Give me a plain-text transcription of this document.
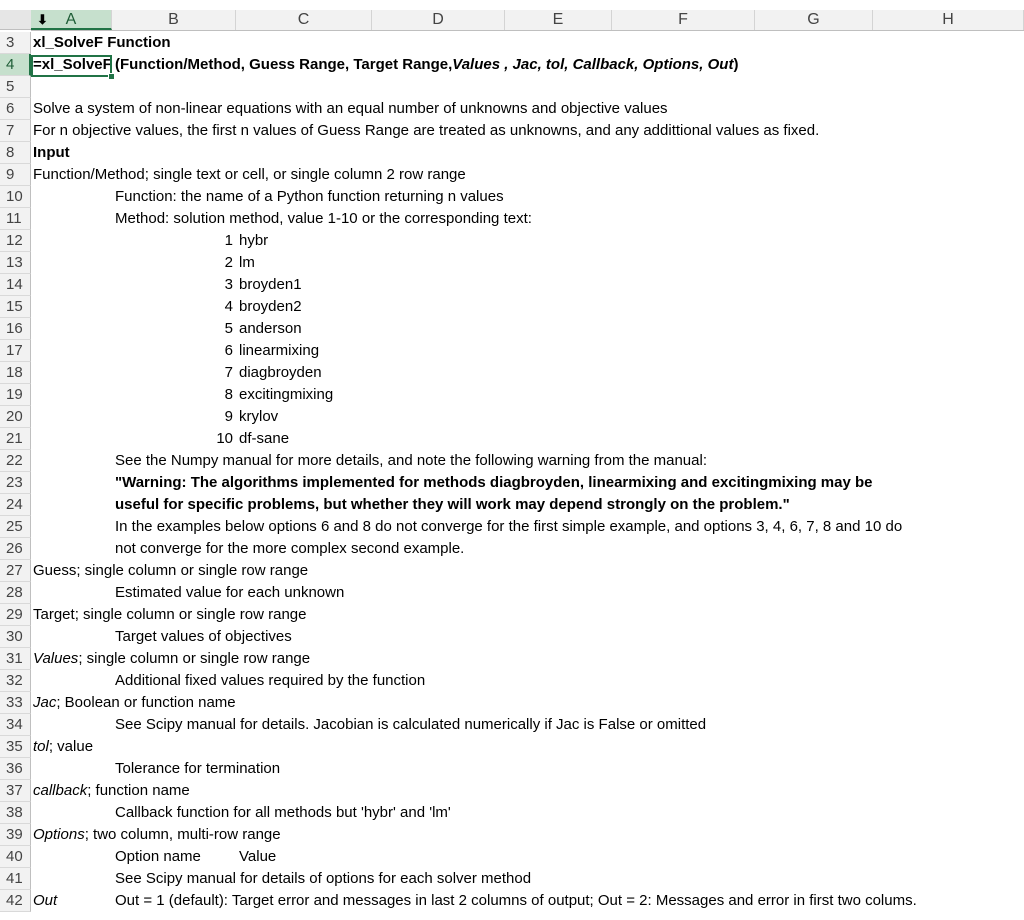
⬇ A	B	C	D	E	F	G	H
3	xl_SolveF Function
4	=xl_SolveF (Function/Method, Guess Range, Target Range, Values , Jac, tol, Callback, Options, Out )
5
6	Solve a system of non-linear equations with an equal number of unknowns and objective values
7	For n objective values, the first n values of Guess Range are treated as unknowns, and any addittional values as fixed.
8	Input
9	Function/Method; single text or cell, or single column 2 row range
10	Function: the name of a Python function returning n values
11	Method: solution method, value 1-10 or the corresponding text:
12	1 hybr
13	2 lm
14	3 broyden1
15	4 broyden2
16	5 anderson
17	6 linearmixing
18	7 diagbroyden
19	8 excitingmixing
20	9 krylov
21	10 df-sane
22	See the Numpy manual for more details, and note the following warning from the manual:
23	"Warning: The algorithms implemented for methods diagbroyden, linearmixing and excitingmixing may be
24	useful for specific problems, but whether they will work may depend strongly on the problem."
25	In the examples below options 6 and 8 do not converge for the first simple example, and options 3, 4, 6, 7, 8 and 10 do
26	not converge for the more complex second example.
27 Guess; single column or single row range
28	Estimated value for each unknown
29 Target; single column or single row range
30	Target values of objectives
31 Values ; single column or single row range
32	Additional fixed values required by the function
33 Jac ; Boolean or function name
34	See Scipy manual for details. Jacobian is calculated numerically if Jac is False or omitted
35 tol ; value
36	Tolerance for termination
37 callback ; function name
38	Callback function for all methods but 'hybr' and 'lm'
39 Options ; two column, multi-row range
40	Option name	Value
41	See Scipy manual for details of options for each solver method
42 Out	Out = 1 (default): Target error and messages in last 2 columns of output; Out = 2: Messages and error in first two colums.
